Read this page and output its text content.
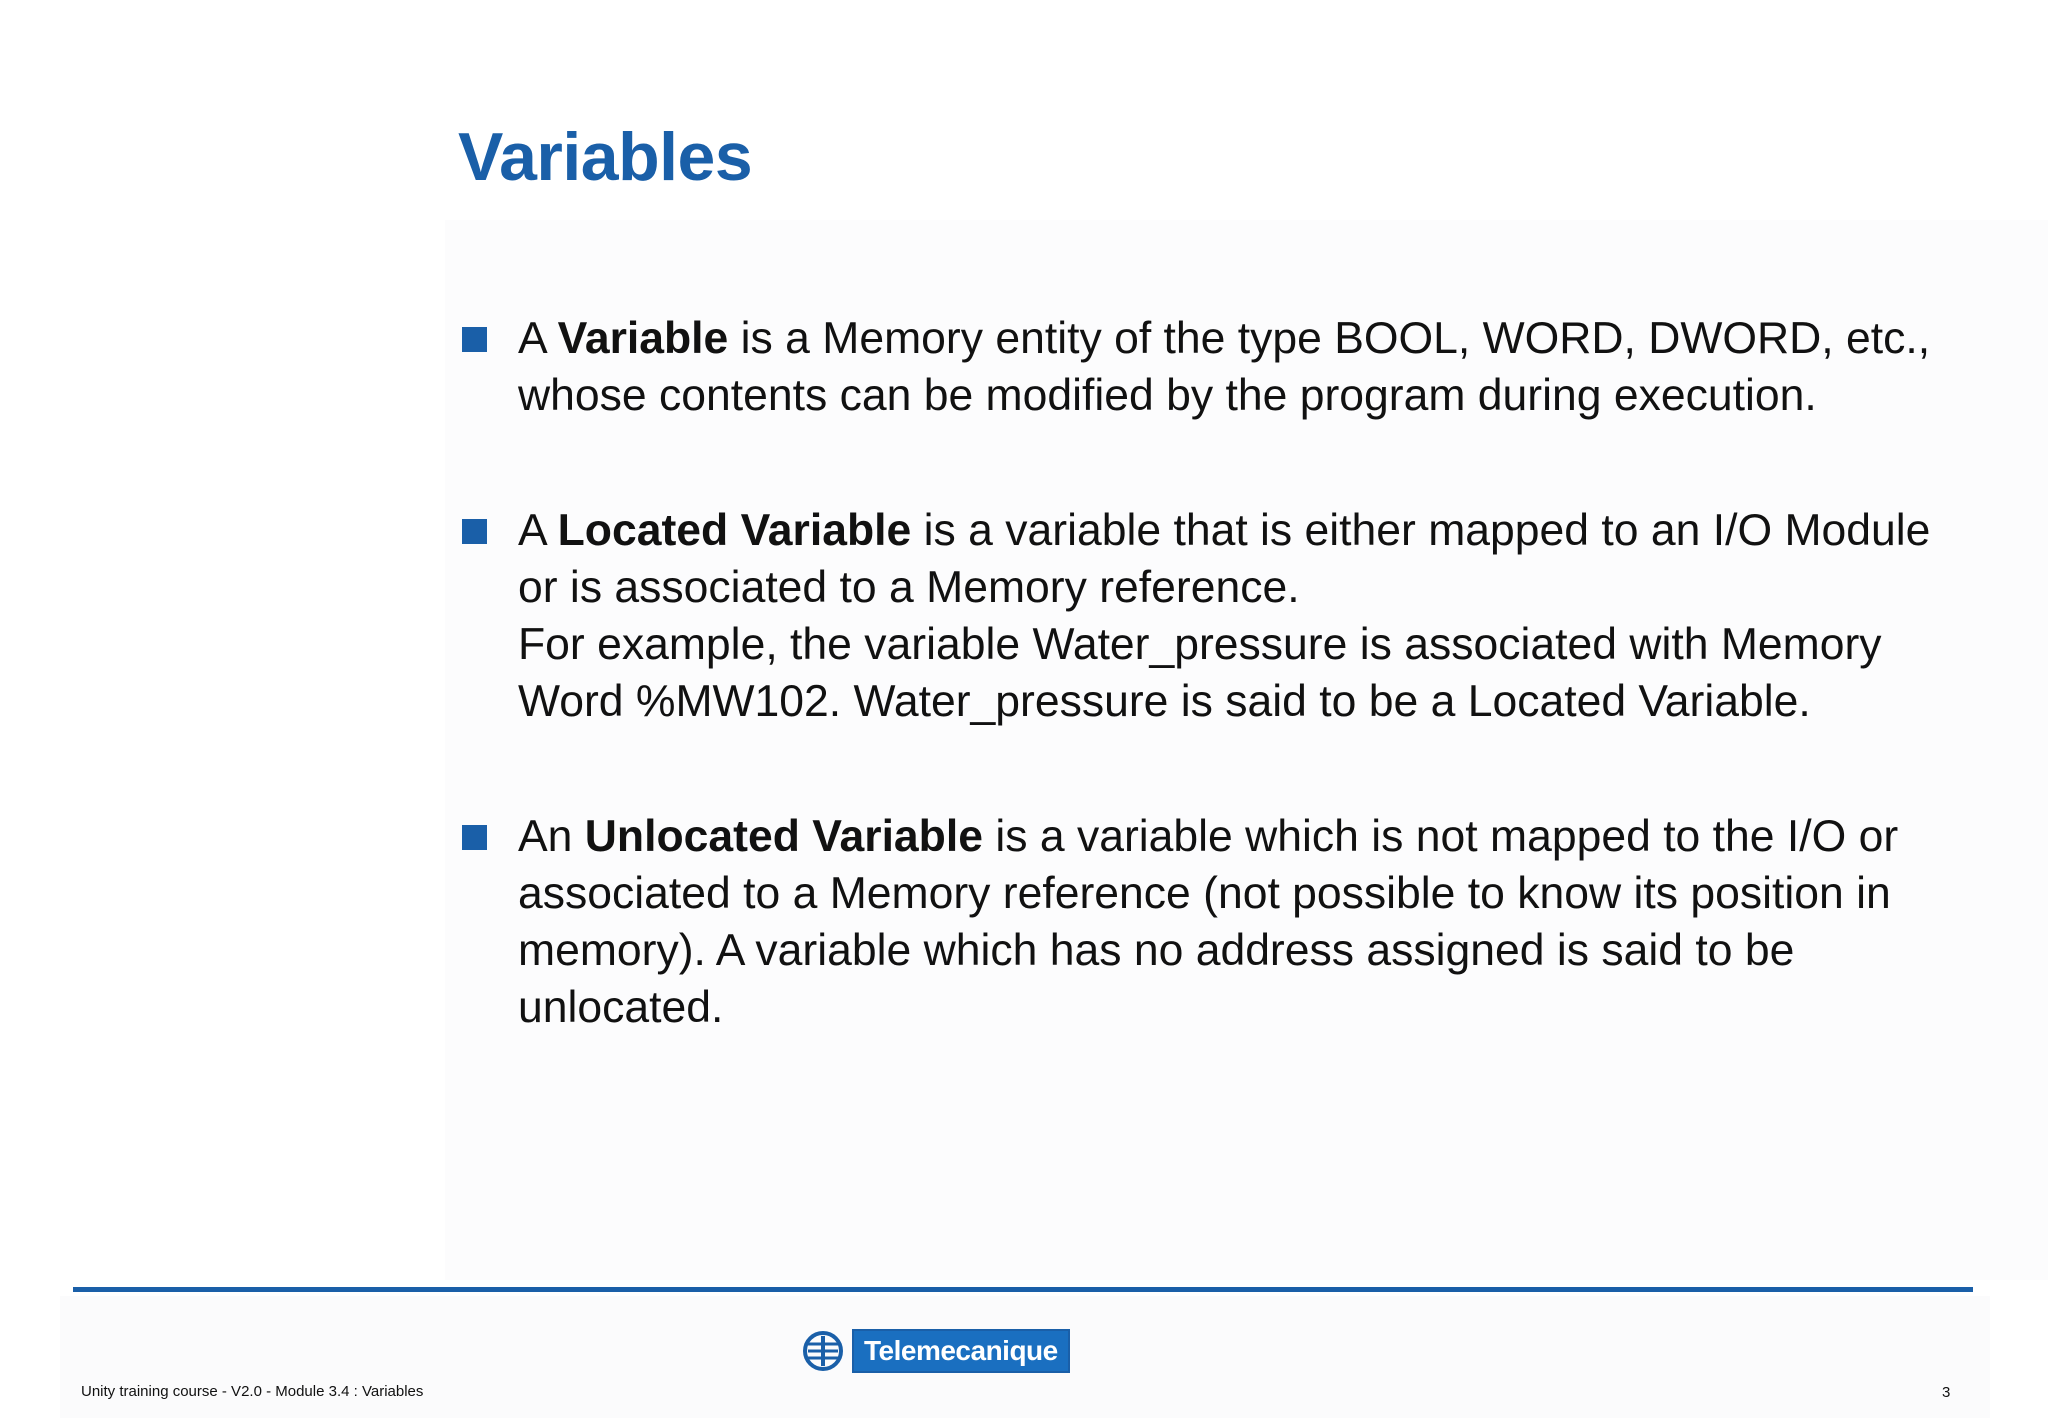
Variables
A Variable is a Memory entity of the type BOOL, WORD, DWORD, etc., whose contents can be modified by the program during execution.
A Located Variable is a variable that is either mapped to an I/O Module or is associated to a Memory reference.
For example, the variable Water_pressure is associated with Memory Word %MW102. Water_pressure is said to be a Located Variable.
An Unlocated Variable is a variable which is not mapped to the I/O or associated to a Memory reference (not possible to know its position in memory). A variable which has no address assigned is said to be unlocated.
Telemecanique
Unity training course - V2.0 - Module 3.4 : Variables	3
